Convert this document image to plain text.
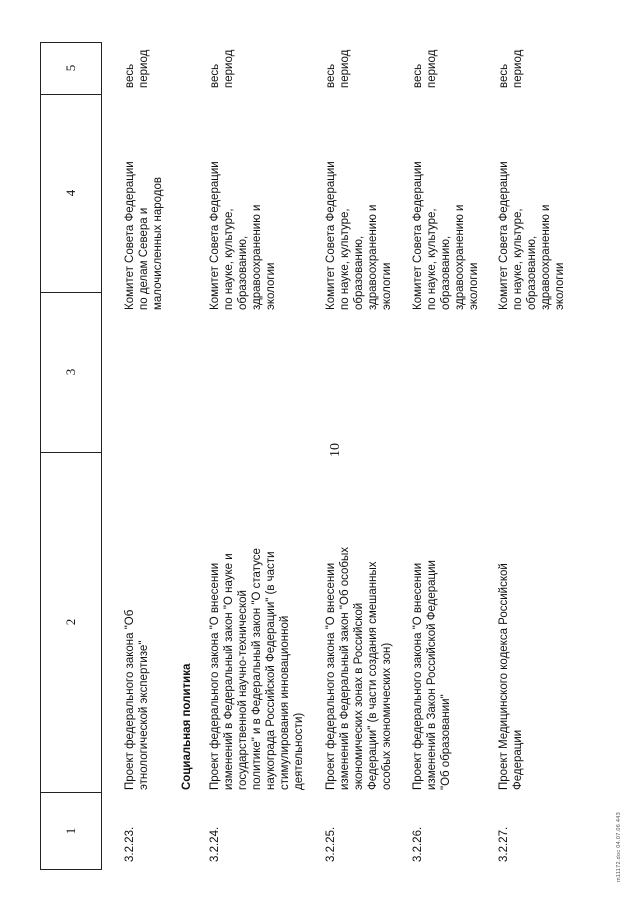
10
1
2
3
4
5
Социальная политика
3.2.23.
Проект федерального закона "Об этнологической экспертизе"
Комитет Совета Федерации по делам Севера и малочисленных народов
весь период
3.2.24.
Проект федерального закона "О внесении изменений в Федеральный закон "О науке и государственной научно-технической политике" и в Федеральный закон "О статусе наукограда Российской Федерации" (в части стимулирования инновационной деятельности)
Комитет Совета Федерации по науке, культуре, образованию, здравоохранению и экологии
весь период
3.2.25.
Проект федерального закона "О внесении изменений в Федеральный закон "Об особых экономических зонах в Российской Федерации" (в части создания смешанных особых экономических зон)
Комитет Совета Федерации по науке, культуре, образованию, здравоохранению и экологии
весь период
3.2.26.
Проект федерального закона "О внесении изменений в Закон Российской Федерации "Об образовании"
Комитет Совета Федерации по науке, культуре, образованию, здравоохранению и экологии
весь период
3.2.27.
Проект Медицинского кодекса Российской Федерации
Комитет Совета Федерации по науке, культуре, образованию, здравоохранению и экологии
весь период
m11172.doc 04.07.06 443
